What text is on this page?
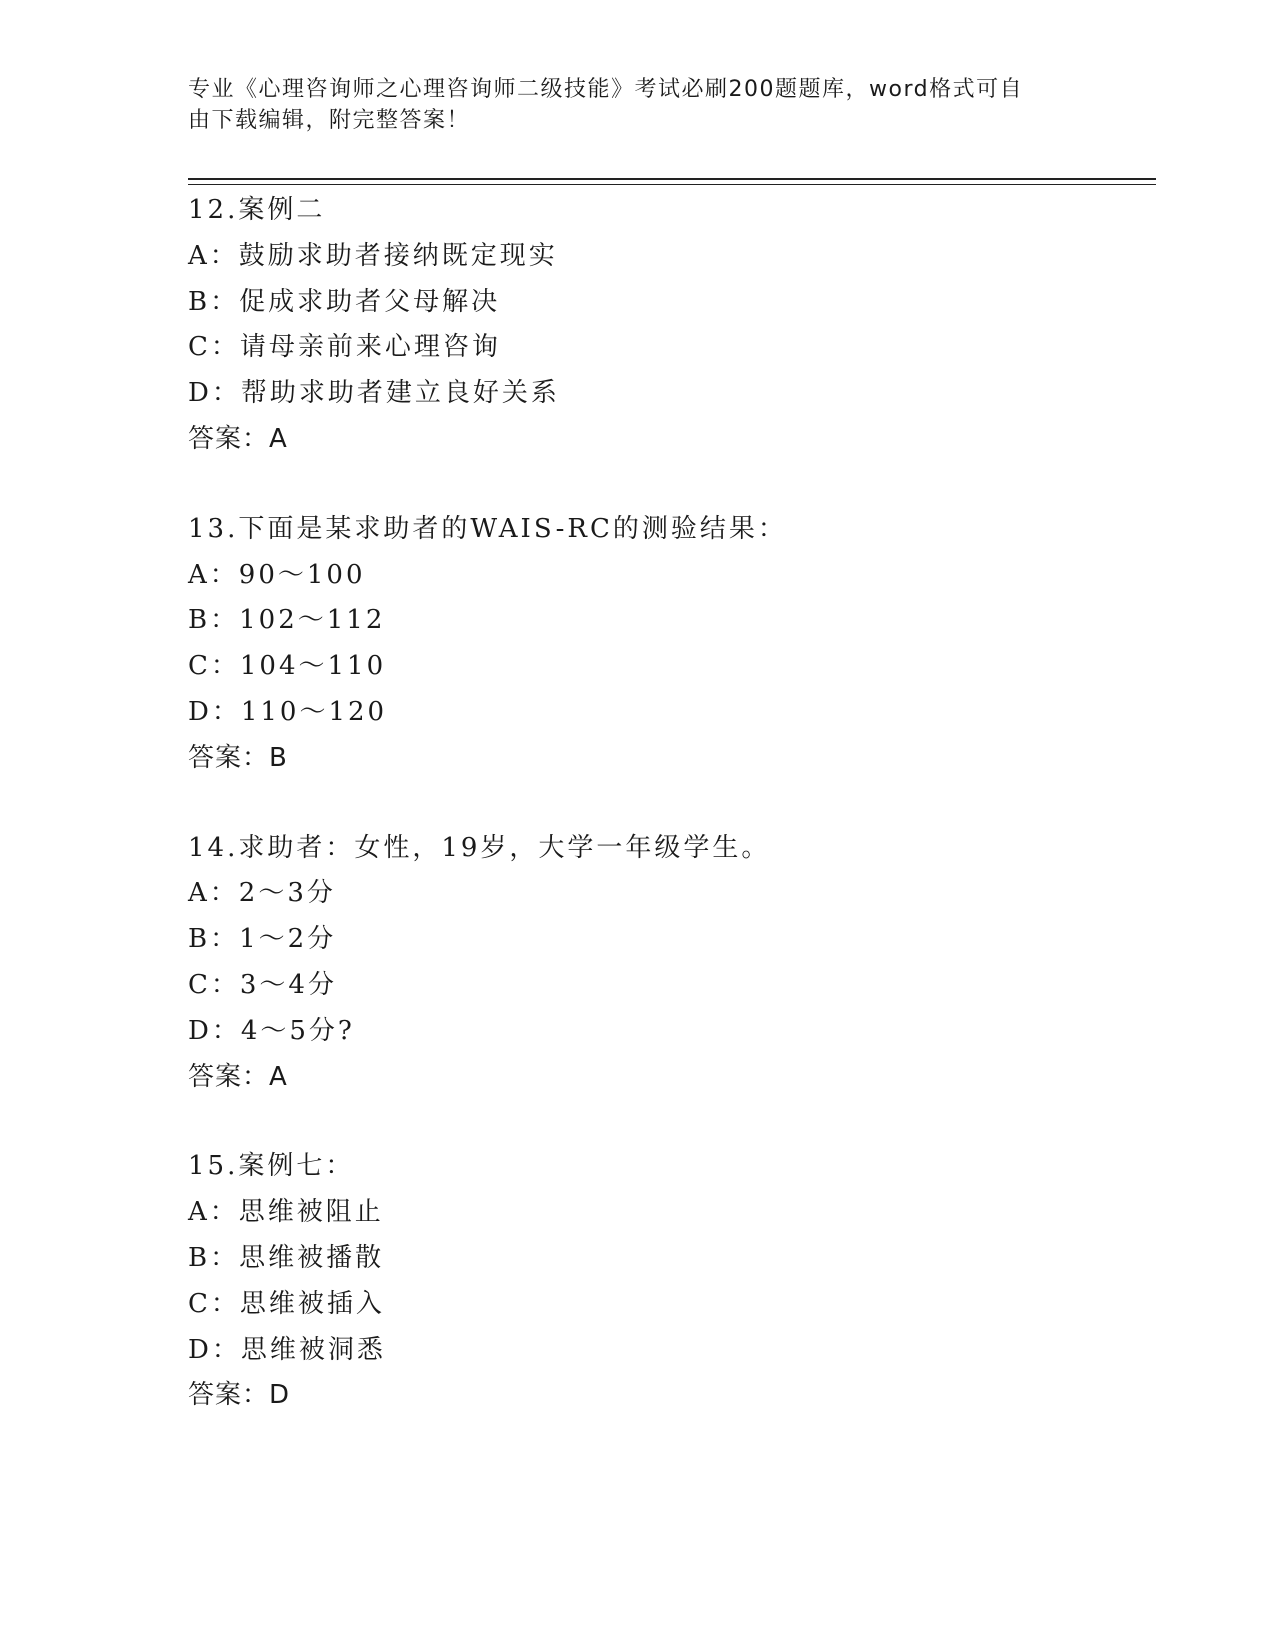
专业《心理咨询师之心理咨询师二级技能》考试必刷200题题库，word格式可自
由下载编辑，附完整答案！
12.案例二
A：鼓励求助者接纳既定现实
B：促成求助者父母解决
C：请母亲前来心理咨询
D：帮助求助者建立良好关系
答案：A
13.下面是某求助者的WAIS-RC的测验结果：
A：90～100
B：102～112
C：104～110
D：110～120
答案：B
14.求助者：女性，19岁，大学一年级学生。
A：2～3分
B：1～2分
C：3～4分
D：4～5分?
答案：A
15.案例七：
A：思维被阻止
B：思维被播散
C：思维被插入
D：思维被洞悉
答案：D
